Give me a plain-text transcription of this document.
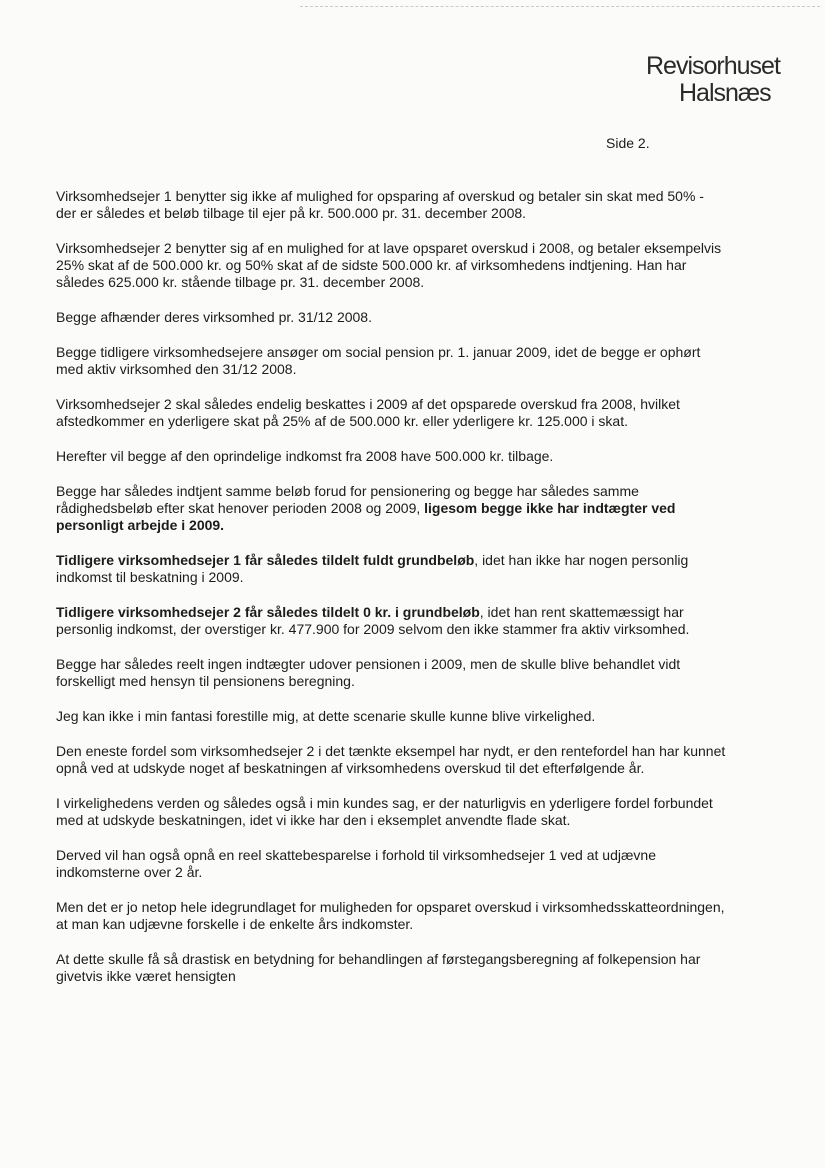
Revisorhuset
Halsnæs
Side 2.

Virksomhedsejer 1 benytter sig ikke af mulighed for opsparing af overskud og betaler sin skat med 50% - der er således et beløb tilbage til ejer på kr. 500.000 pr. 31. december 2008.

Virksomhedsejer 2 benytter sig af en mulighed for at lave opsparet overskud i 2008, og betaler eksempelvis 25% skat af de 500.000 kr. og 50% skat af de sidste 500.000 kr. af virksomhedens indtjening. Han har således 625.000 kr. stående tilbage pr. 31. december 2008.

Begge afhænder deres virksomhed pr. 31/12 2008.

Begge tidligere virksomhedsejere ansøger om social pension pr. 1. januar 2009, idet de begge er ophørt med aktiv virksomhed den 31/12 2008.

Virksomhedsejer 2 skal således endelig beskattes i 2009 af det opsparede overskud fra 2008, hvilket afstedkommer en yderligere skat på 25% af de 500.000 kr. eller yderligere kr. 125.000 i skat.

Herefter vil begge af den oprindelige indkomst fra 2008 have 500.000 kr. tilbage.

Begge har således indtjent samme beløb forud for pensionering og begge har således samme rådighedsbeløb efter skat henover perioden 2008 og 2009, ligesom begge ikke har indtægter ved personligt arbejde i 2009.

Tidligere virksomhedsejer 1 får således tildelt fuldt grundbeløb, idet han ikke har nogen personlig indkomst til beskatning i 2009.

Tidligere virksomhedsejer 2 får således tildelt 0 kr. i grundbeløb, idet han rent skattemæssigt har personlig indkomst, der overstiger kr. 477.900 for 2009 selvom den ikke stammer fra aktiv virksomhed.

Begge har således reelt ingen indtægter udover pensionen i 2009, men de skulle blive behandlet vidt forskelligt med hensyn til pensionens beregning.

Jeg kan ikke i min fantasi forestille mig, at dette scenarie skulle kunne blive virkelighed.

Den eneste fordel som virksomhedsejer 2 i det tænkte eksempel har nydt, er den rentefordel han har kunnet opnå ved at udskyde noget af beskatningen af virksomhedens overskud til det efterfølgende år.

I virkelighedens verden og således også i min kundes sag, er der naturligvis en yderligere fordel forbundet med at udskyde beskatningen, idet vi ikke har den i eksemplet anvendte flade skat.

Derved vil han også opnå en reel skattebesparelse i forhold til virksomhedsejer 1 ved at udjævne indkomsterne over 2 år.

Men det er jo netop hele idegrundlaget for muligheden for opsparet overskud i virksomhedsskatteordningen, at man kan udjævne forskelle i de enkelte års indkomster.

At dette skulle få så drastisk en betydning for behandlingen af førstegangsberegning af folkepension har givetvis ikke været hensigten
